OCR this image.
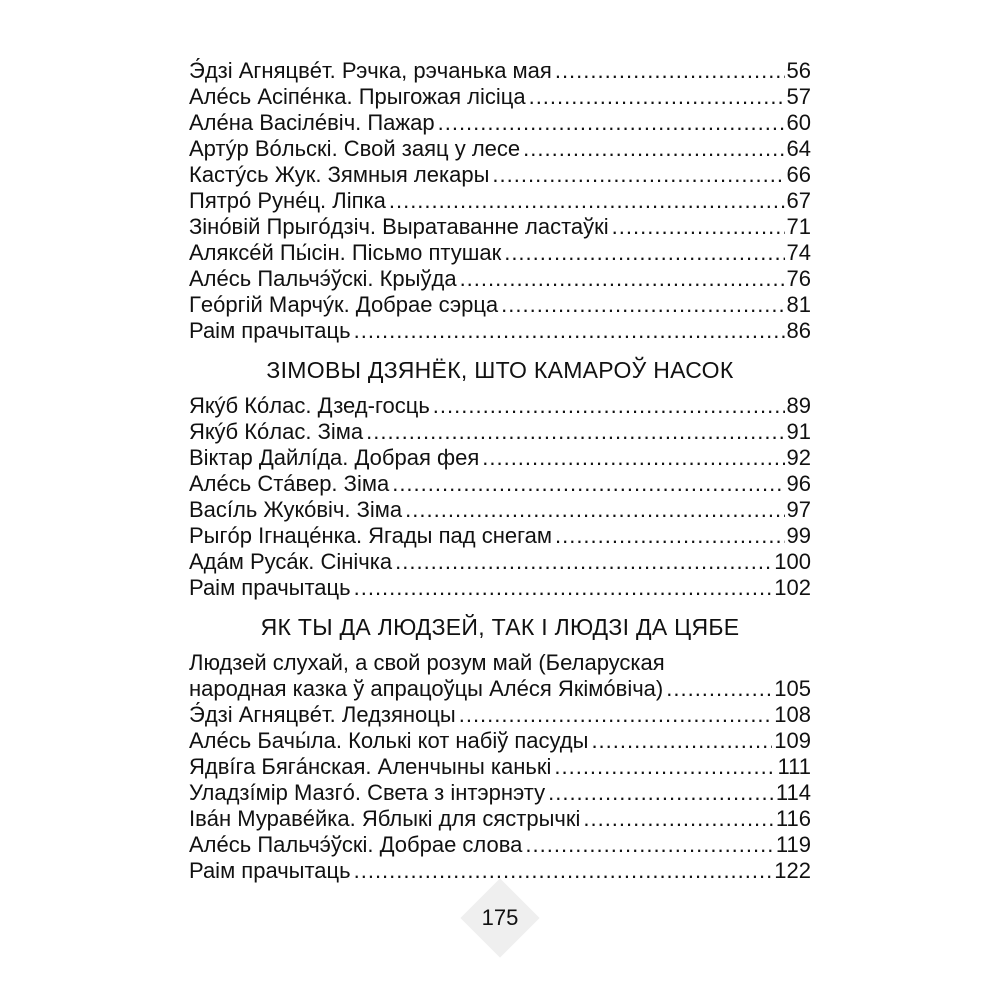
Э́дзі Агняцвéт. Рэчка, рэчанька мая .....	56
Алéсь Асіпéнка. Прыгожая лісіца .....	57
Алéна Васілéвіч. Пажар .....	60
Артýр Вóльскі. Свой заяц у лесе .....	64
Кастýсь Жук. Зямныя лекары .....	66
Пятрó Рунéц. Ліпка .....	67
Зінóвій Прыгóдзіч. Выратаванне ластаўкі .....	71
Аляксéй Пы́сін. Пісьмо птушак .....	74
Алéсь Пальчэ́ўскі. Крыўда .....	76
Гeóргій Марчýк. Добрае сэрца .....	81
Раім прачытаць .....	86
ЗІМОВЫ ДЗЯНЁК, ШТО КАМАРОЎ НАСОК
Якýб Кóлас. Дзед-госць .....	89
Якýб Кóлас. Зіма .....	91
Віктар Дайлíда. Добрая фея .....	92
Алéсь Стáвер. Зіма .....	96
Васíль Жукóвіч. Зіма .....	97
Рыгóр Ігнацéнка. Ягады пад снегам .....	99
Адáм Русáк. Сінічка .....	100
Раім прачытаць .....	102
ЯК ТЫ ДА ЛЮДЗЕЙ, ТАК І ЛЮДЗІ ДА ЦЯБЕ
Людзей слухай, а свой розум май (Беларуская
народная казка ў апрацоўцы Алéся Якімóвіча) .....	105
Э́дзі Агняцвéт. Ледзяноцы .....	108
Алéсь Бачы́ла. Колькі кот набіў пасуды .....	109
Ядвíга Бягáнская. Аленчыны канькі .....	111
Уладзíмір Мазгó. Света з інтэрнэту .....	114
Івáн Муравéйка. Яблыкі для сястрычкі .....	116
Алéсь Пальчэ́ўскі. Добрае слова .....	119
Раім прачытаць .....	122
175
